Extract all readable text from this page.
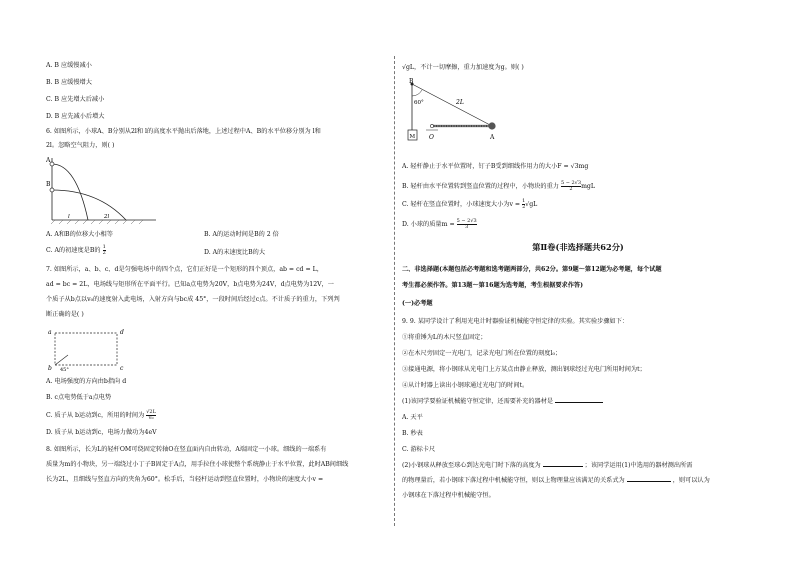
A. B 应缓慢减小
B. B 应缓慢增大
C. B 应先增大后减小
D. B 应先减小后增大
6. 如图所示，小球A、B分别从2l和 l的高度水平抛出后落地，上述过程中A、B的水平位移分别为 l和
2l。忽略空气阻力，则( )
A
B
l	2l
A. A和B的位移大小相等	B. A的运动时间是B的 2 倍
C. A的初速度是B的 $\frac{1}{2}$	D. A的末速度比B的大
7. 如图所示，a、b、c、d是匀强电场中的四个点，它们正好是一个矩形的四个顶点，ab = cd = L，
ad = bc = 2L，电场线与矩形所在平面平行。已知a点电势为20V，b点电势为24V，d点电势为12V，一
个质子从b点以v₀的速度射入此电场，入射方向与bc成 45°，一段时间后经过c点。不计质子的重力，下列判
断正确的是( )
a	d
b	c
45°
A. 电场强度的方向由b指向 d
B. c点电势低于a点电势
C. 质子从 b运动到c，所用的时间为 $\frac{√2L}{\text{v₀}}$
D. 质子从 b运动到c，电场力做功为4eV
8. 如图所示，长为L的轻杆OM可绕固定转轴O在竖直面内自由转动，A端固定一小球。细线的一端系有
质量为m的小物块，另一端绕过小丁子B固定于A点，用手拉住小球使整个系统静止于水平位置，此时AB间细线
长为2L，且细线与竖直方向的夹角为60°。松手后，当轻杆运动到竖直位置时，小物块的速度大小v =
√gL，不计一切摩擦，重力加速度为g。则( )
B
60°	2L
M O	A
A. 轻杆静止于水平位置时，钉子B受到细线作用力的大小F = √3mg
B. 轻杆由水平位置转到竖直位置的过程中，小物块的重力 $\frac{5 - 2√3}{2}$ mgL
C. 轻杆在竖直位置时，小球速度大小为$v = \frac{1}{2} √gL$
D. 小球的质量$m = \frac{5 - 2√3}{3}$
第Ⅱ卷(非选择题共62分)
二、非选择题(本题包括必考题和选考题两部分，共62分。第9题～第12题为必考题，每个试题
考生都必须作答。第13题～第16题为选考题，考生根据要求作答)
(一)必考题
9. 9. 某同学设计了利用光电计时器验证机械能守恒定律的实验。其实验步骤如下：
①将重锤为L的木尺竖直固定；
②在木尺旁固定一光电门，记录光电门所在位置的刻度l₀；
③接通电源，将小钢球从光电门上方某点由静止释放，测出钢球经过光电门所用时间为t；
④从计时器上读出小钢球通过光电门的时间t。
(1)该同学要验证机械能守恒定律，还需要补充的器材是
A. 天平
B. 秒表
C. 游标卡尺
(2)小钢球从释放至球心到达光电门时下落的高度为	；该同学运用(1)中选用的器材测出所需
的物理量后，若小钢球下落过程中机械能守恒，则以上物理量应该满足的关系式为	，则可以认为
小钢球在下落过程中机械能守恒。
